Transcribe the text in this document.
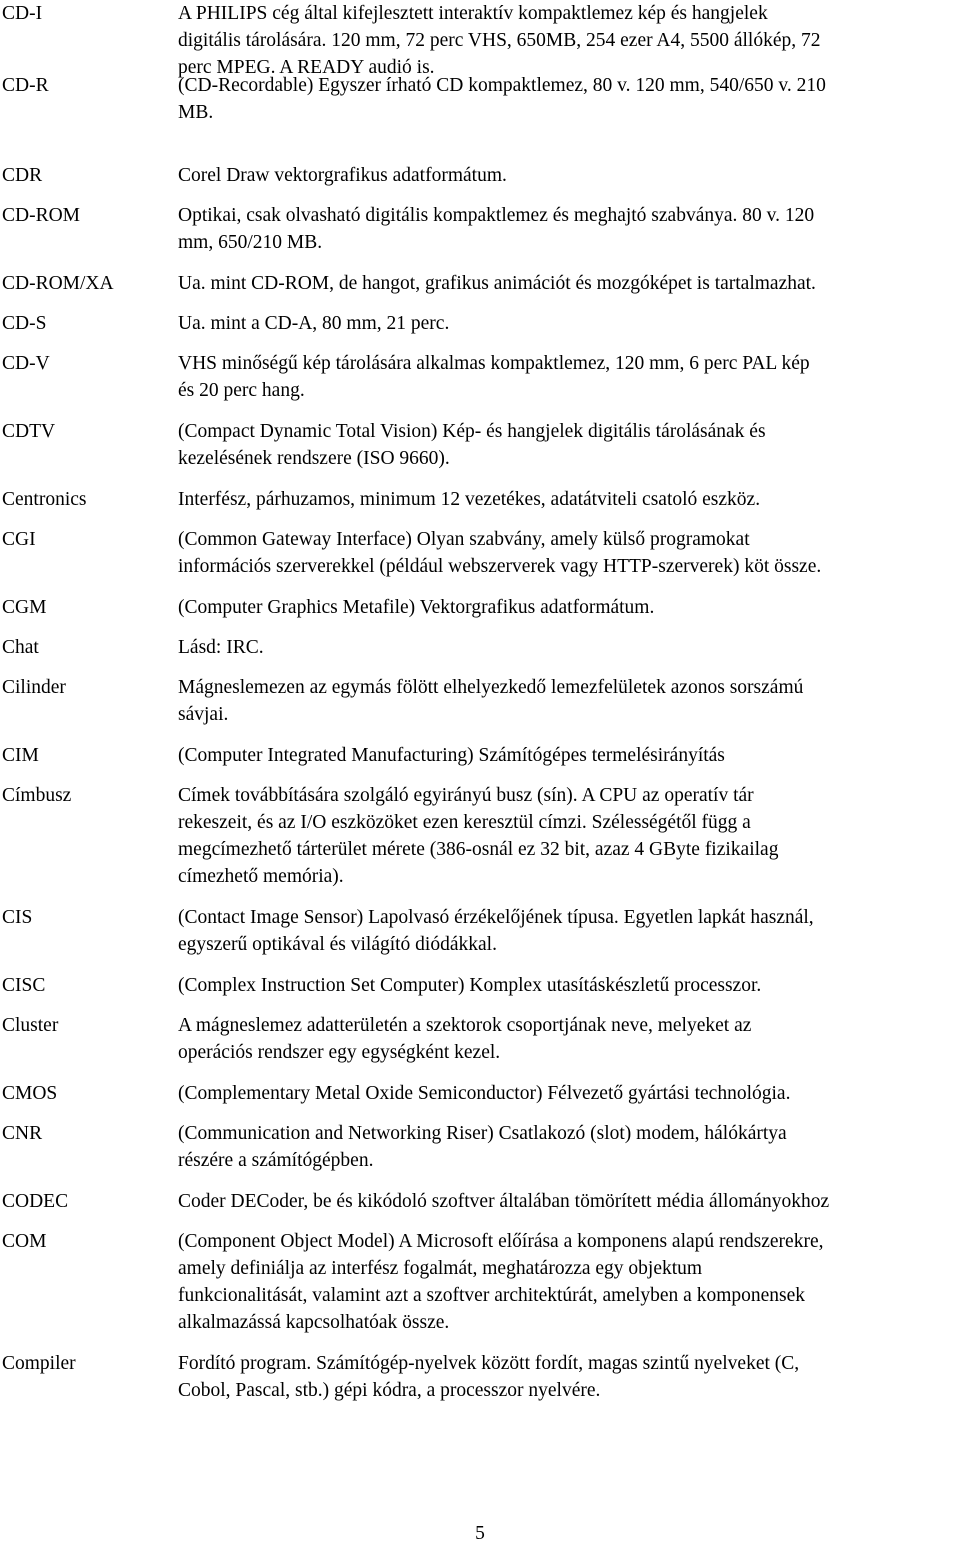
CD-I	A PHILIPS cég által kifejlesztett interaktív kompaktlemez kép és hangjelek
digitális tárolására. 120 mm, 72 perc VHS, 650MB, 254 ezer A4, 5500 állókép, 72
perc MPEG. A READY audió is.
CD-R	(CD-Recordable) Egyszer írható CD kompaktlemez, 80 v. 120 mm, 540/650 v. 210
MB.
CDR	Corel Draw vektorgrafikus adatformátum.
CD-ROM	Optikai, csak olvasható digitális kompaktlemez és meghajtó szabványa. 80 v. 120
mm, 650/210 MB.
CD-ROM/XA	Ua. mint CD-ROM, de hangot, grafikus animációt és mozgóképet is tartalmazhat.
CD-S	Ua. mint a CD-A, 80 mm, 21 perc.
CD-V	VHS minőségű kép tárolására alkalmas kompaktlemez, 120 mm, 6 perc PAL kép
és 20 perc hang.
CDTV	(Compact Dynamic Total Vision) Kép- és hangjelek digitális tárolásának és
kezelésének rendszere (ISO 9660).
Centronics	Interfész, párhuzamos, minimum 12 vezetékes, adatátviteli csatoló eszköz.
CGI	(Common Gateway Interface) Olyan szabvány, amely külső programokat
információs szerverekkel (például webszerverek vagy HTTP-szerverek) köt össze.
CGM	(Computer Graphics Metafile) Vektorgrafikus adatformátum.
Chat	Lásd: IRC.
Cilinder	Mágneslemezen az egymás fölött elhelyezkedő lemezfelületek azonos sorszámú
sávjai.
CIM	(Computer Integrated Manufacturing) Számítógépes termelésirányítás
Címbusz	Címek továbbítására szolgáló egyirányú busz (sín). A CPU az operatív tár
rekeszeit, és az I/O eszközöket ezen keresztül címzi. Szélességétől függ a
megcímezhető tárterület mérete (386-osnál ez 32 bit, azaz 4 GByte fizikailag
címezhető memória).
CIS	(Contact Image Sensor) Lapolvasó érzékelőjének típusa. Egyetlen lapkát használ,
egyszerű optikával és világító diódákkal.
CISC	(Complex Instruction Set Computer) Komplex utasításkészletű processzor.
Cluster	A mágneslemez adatterületén a szektorok csoportjának neve, melyeket az
operációs rendszer egy egységként kezel.
CMOS	(Complementary Metal Oxide Semiconductor) Félvezető gyártási technológia.
CNR	(Communication and Networking Riser) Csatlakozó (slot) modem, hálókártya
részére a számítógépben.
CODEC	Coder DECoder, be és kikódoló szoftver általában tömörített média állományokhoz
COM	(Component Object Model) A Microsoft előírása a komponens alapú rendszerekre,
amely definiálja az interfész fogalmát, meghatározza egy objektum
funkcionalitását, valamint azt a szoftver architektúrát, amelyben a komponensek
alkalmazássá kapcsolhatóak össze.
Compiler	Fordító program. Számítógép-nyelvek között fordít, magas szintű nyelveket (C,
Cobol, Pascal, stb.) gépi kódra, a processzor nyelvére.
5
